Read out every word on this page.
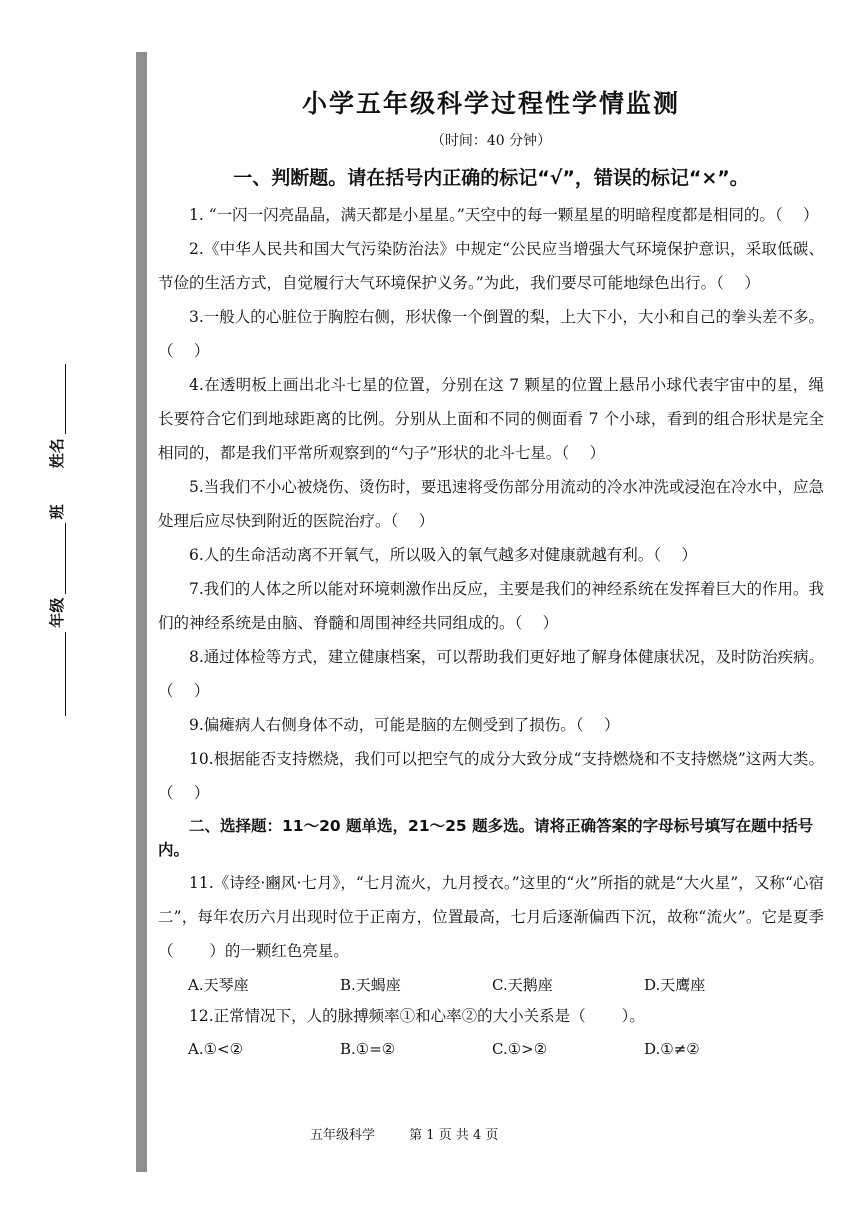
年级
班
姓名
小学五年级科学过程性学情监测
（时间：40 分钟）
一、判断题。请在括号内正确的标记“√”，错误的标记“×”。

1. “一闪一闪亮晶晶，满天都是小星星。”天空中的每一颗星星的明暗程度都是相同的。（　 ）

2.《中华人民共和国大气污染防治法》中规定“公民应当增强大气环境保护意识，采取低碳、节俭的生活方式，自觉履行大气环境保护义务。”为此，我们要尽可能地绿色出行。（　 ）

3.一般人的心脏位于胸腔右侧，形状像一个倒置的梨，上大下小，大小和自己的拳头差不多。（　 ）

4.在透明板上画出北斗七星的位置，分别在这 7 颗星的位置上悬吊小球代表宇宙中的星，绳长要符合它们到地球距离的比例。分别从上面和不同的侧面看 7 个小球，看到的组合形状是完全相同的，都是我们平常所观察到的“勺子”形状的北斗七星。（　 ）

5.当我们不小心被烧伤、烫伤时，要迅速将受伤部分用流动的冷水冲洗或浸泡在冷水中，应急处理后应尽快到附近的医院治疗。（　 ）

6.人的生命活动离不开氧气，所以吸入的氧气越多对健康就越有利。（　 ）

7.我们的人体之所以能对环境刺激作出反应，主要是我们的神经系统在发挥着巨大的作用。我们的神经系统是由脑、脊髓和周围神经共同组成的。（　 ）

8.通过体检等方式，建立健康档案，可以帮助我们更好地了解身体健康状况，及时防治疾病。（　 ）

9.偏瘫病人右侧身体不动，可能是脑的左侧受到了损伤。（　 ）

10.根据能否支持燃烧，我们可以把空气的成分大致分成“支持燃烧和不支持燃烧”这两大类。（　 ）

二、选择题：11～20 题单选，21～25 题多选。请将正确答案的字母标号填写在题中括号内。

11.《诗经·豳风·七月》，“七月流火，九月授衣。”这里的“火”所指的就是“大火星”，又称“心宿二”，每年农历六月出现时位于正南方，位置最高，七月后逐渐偏西下沉，故称“流火”。它是夏季（　　 ）的一颗红色亮星。

A.天琴座	B.天蝎座	C.天鹅座	D.天鹰座

12.正常情况下，人的脉搏频率①和心率②的大小关系是（　　 ）。

A.①<②	B.①=②	C.①>②	D.①≠②
五年级科学	第 1 页 共 4 页
